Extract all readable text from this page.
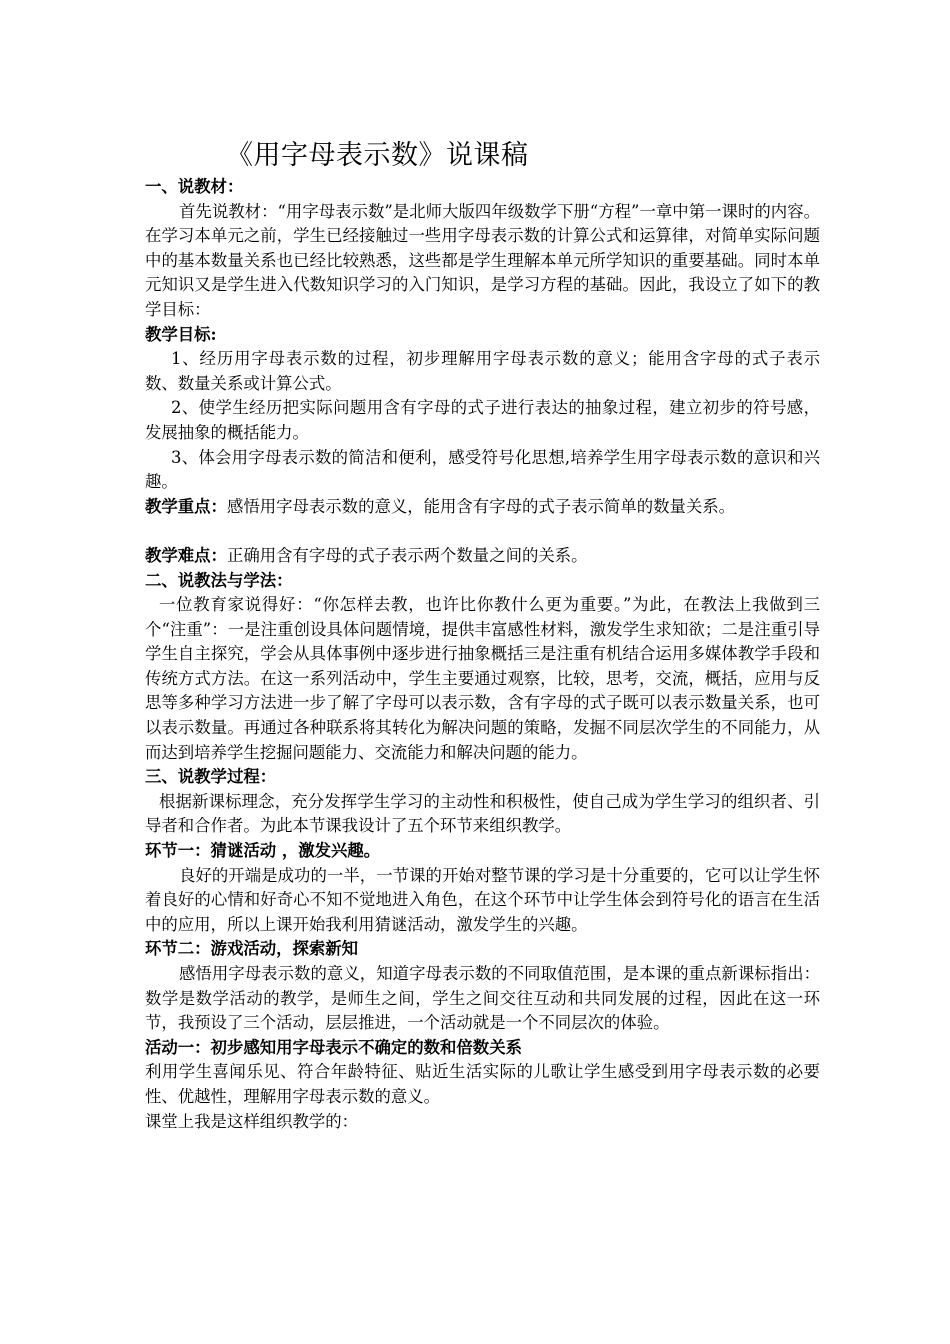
《用字母表示数》说课稿

一、说教材：

首先说教材：“用字母表示数”是北师大版四年级数学下册“方程”一章中第一课时的内容。在学习本单元之前，学生已经接触过一些用字母表示数的计算公式和运算律，对简单实际问题中的基本数量关系也已经比较熟悉，这些都是学生理解本单元所学知识的重要基础。同时本单元知识又是学生进入代数知识学习的入门知识，是学习方程的基础。因此，我设立了如下的教学目标：

教学目标:

1、经历用字母表示数的过程，初步理解用字母表示数的意义；能用含字母的式子表示数、数量关系或计算公式。

2、使学生经历把实际问题用含有字母的式子进行表达的抽象过程，建立初步的符号感，发展抽象的概括能力。

3、体会用字母表示数的简洁和便利，感受符号化思想,培养学生用字母表示数的意识和兴趣。

教学重点：感悟用字母表示数的意义，能用含有字母的式子表示简单的数量关系。

教学难点：正确用含有字母的式子表示两个数量之间的关系。

二、说教法与学法：

一位教育家说得好：“你怎样去教，也许比你教什么更为重要。”为此，在教法上我做到三个“注重”：一是注重创设具体问题情境，提供丰富感性材料，激发学生求知欲；二是注重引导学生自主探究，学会从具体事例中逐步进行抽象概括三是注重有机结合运用多媒体教学手段和传统方式方法。在这一系列活动中，学生主要通过观察，比较，思考，交流，概括，应用与反思等多种学习方法进一步了解了字母可以表示数，含有字母的式子既可以表示数量关系，也可以表示数量。再通过各种联系将其转化为解决问题的策略，发掘不同层次学生的不同能力，从而达到培养学生挖掘问题能力、交流能力和解决问题的能力。

三、说教学过程：

根据新课标理念，充分发挥学生学习的主动性和积极性，使自己成为学生学习的组织者、引导者和合作者。为此本节课我设计了五个环节来组织教学。

环节一：猜谜活动 ，激发兴趣。

良好的开端是成功的一半，一节课的开始对整节课的学习是十分重要的，它可以让学生怀着良好的心情和好奇心不知不觉地进入角色，在这个环节中让学生体会到符号化的语言在生活中的应用，所以上课开始我利用猜谜活动，激发学生的兴趣。

环节二：游戏活动，探索新知

感悟用字母表示数的意义，知道字母表示数的不同取值范围，是本课的重点新课标指出：数学是数学活动的教学，是师生之间，学生之间交往互动和共同发展的过程，因此在这一环节，我预设了三个活动，层层推进，一个活动就是一个不同层次的体验。

活动一：初步感知用字母表示不确定的数和倍数关系

利用学生喜闻乐见、符合年龄特征、贴近生活实际的儿歌让学生感受到用字母表示数的必要性、优越性，理解用字母表示数的意义。

课堂上我是这样组织教学的：
